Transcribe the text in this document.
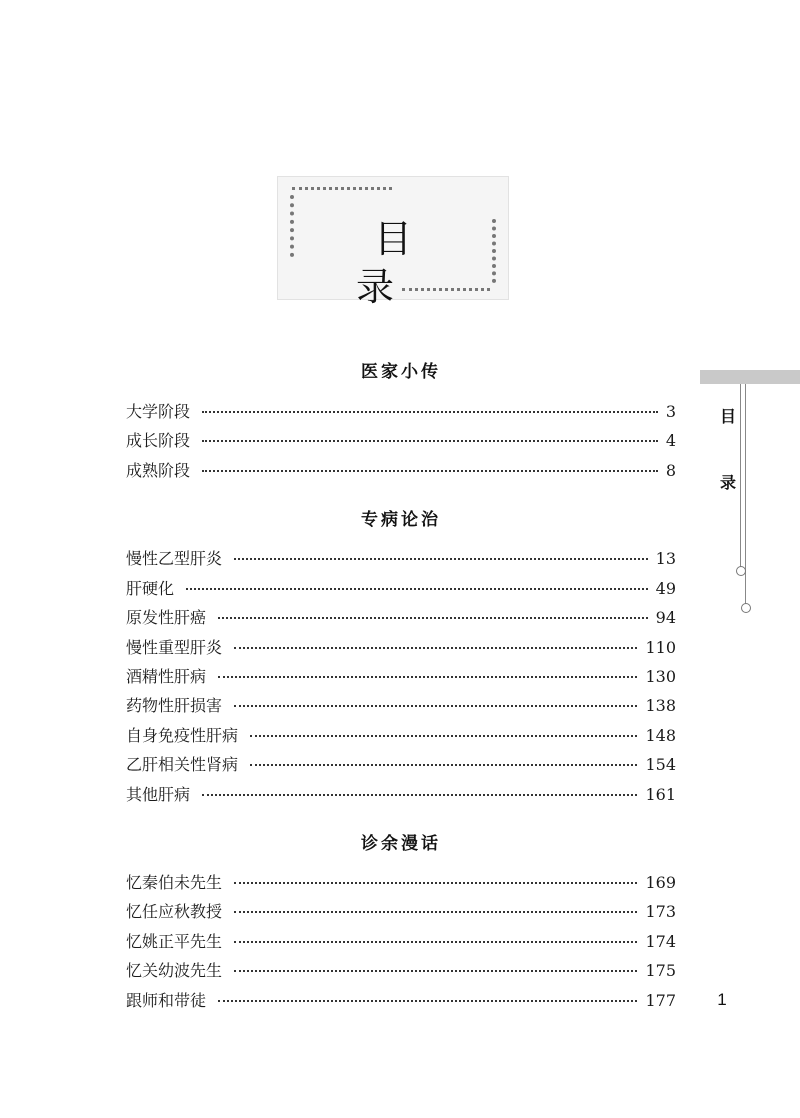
目 录
医家小传
大学阶段	3
成长阶段	4
成熟阶段	8
专病论治
慢性乙型肝炎	13
肝硬化	49
原发性肝癌	94
慢性重型肝炎	110
酒精性肝病	130
药物性肝损害	138
自身免疫性肝病	148
乙肝相关性肾病	154
其他肝病	161
诊余漫话
忆秦伯未先生	169
忆任应秋教授	173
忆姚正平先生	174
忆关幼波先生	175
跟师和带徒	177
目
录
1
